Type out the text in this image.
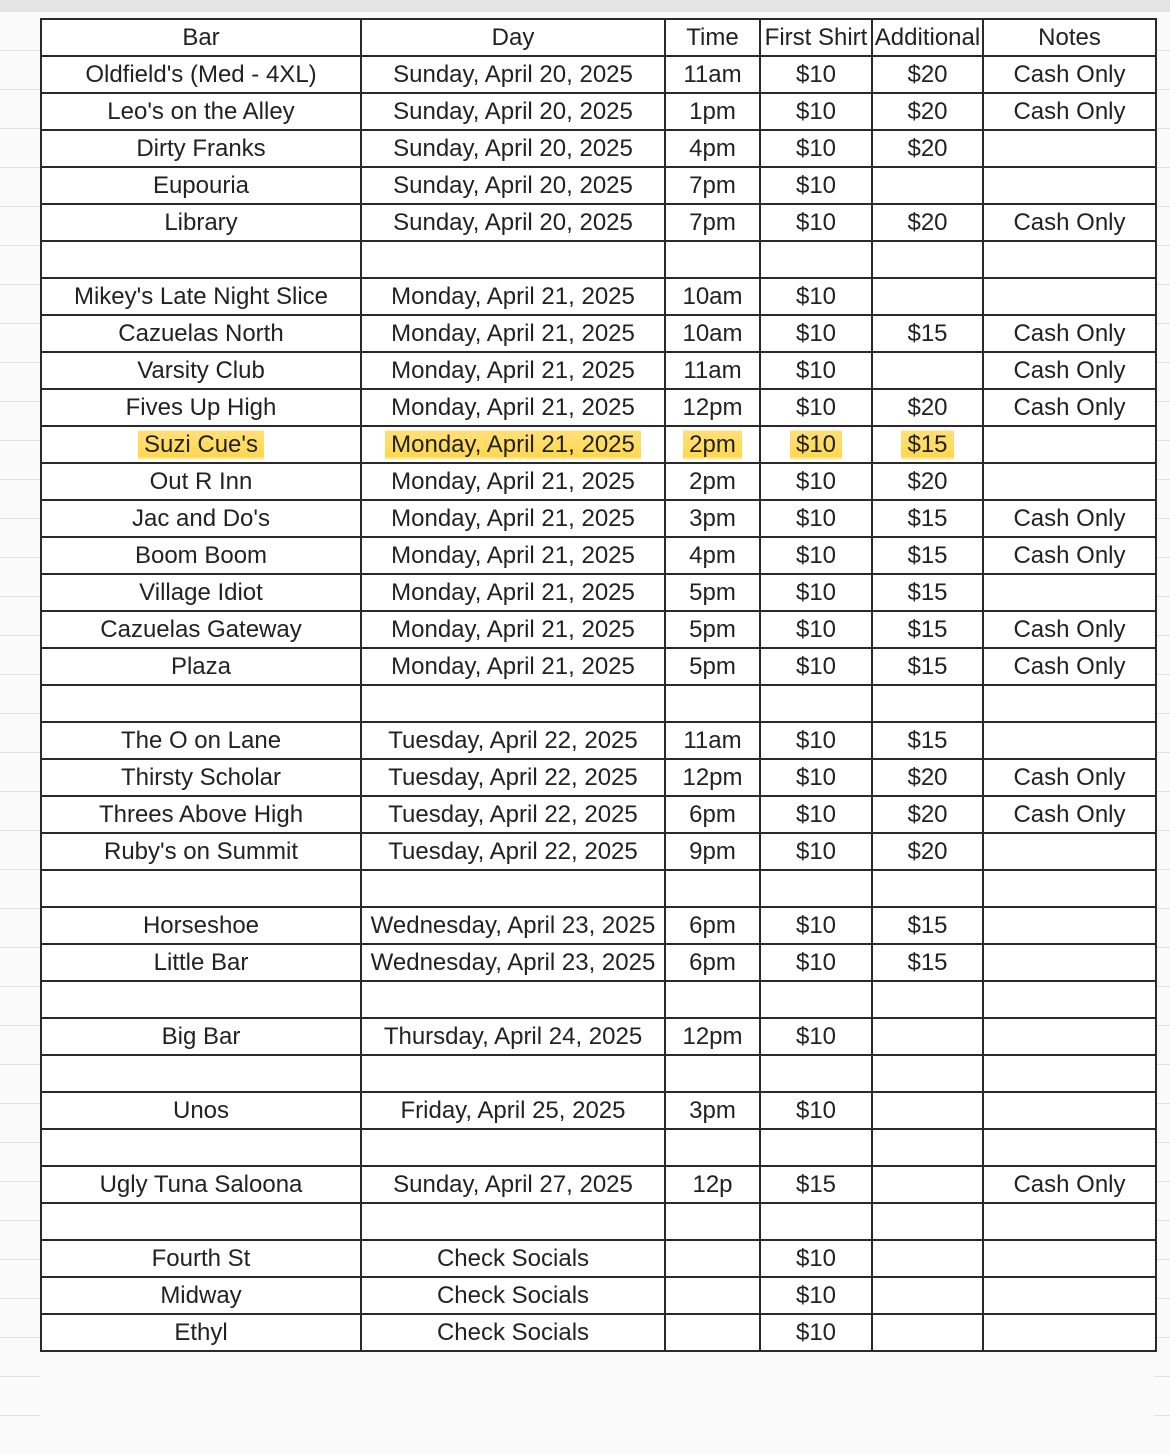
Bar	Day	Time	First Shirt	Additional	Notes
Oldfield's (Med - 4XL)	Sunday, April 20, 2025	11am	$10	$20	Cash Only
Leo's on the Alley	Sunday, April 20, 2025	1pm	$10	$20	Cash Only
Dirty Franks	Sunday, April 20, 2025	4pm	$10	$20	
Eupouria	Sunday, April 20, 2025	7pm	$10		
Library	Sunday, April 20, 2025	7pm	$10	$20	Cash Only

Mikey's Late Night Slice	Monday, April 21, 2025	10am	$10		
Cazuelas North	Monday, April 21, 2025	10am	$10	$15	Cash Only
Varsity Club	Monday, April 21, 2025	11am	$10		Cash Only
Fives Up High	Monday, April 21, 2025	12pm	$10	$20	Cash Only
Suzi Cue's	Monday, April 21, 2025	2pm	$10	$15	
Out R Inn	Monday, April 21, 2025	2pm	$10	$20	
Jac and Do's	Monday, April 21, 2025	3pm	$10	$15	Cash Only
Boom Boom	Monday, April 21, 2025	4pm	$10	$15	Cash Only
Village Idiot	Monday, April 21, 2025	5pm	$10	$15	
Cazuelas Gateway	Monday, April 21, 2025	5pm	$10	$15	Cash Only
Plaza	Monday, April 21, 2025	5pm	$10	$15	Cash Only

The O on Lane	Tuesday, April 22, 2025	11am	$10	$15	
Thirsty Scholar	Tuesday, April 22, 2025	12pm	$10	$20	Cash Only
Threes Above High	Tuesday, April 22, 2025	6pm	$10	$20	Cash Only
Ruby's on Summit	Tuesday, April 22, 2025	9pm	$10	$20	

Horseshoe	Wednesday, April 23, 2025	6pm	$10	$15	
Little Bar	Wednesday, April 23, 2025	6pm	$10	$15	

Big Bar	Thursday, April 24, 2025	12pm	$10		

Unos	Friday, April 25, 2025	3pm	$10		

Ugly Tuna Saloona	Sunday, April 27, 2025	12p	$15		Cash Only

Fourth St	Check Socials		$10		
Midway	Check Socials		$10		
Ethyl	Check Socials		$10		
